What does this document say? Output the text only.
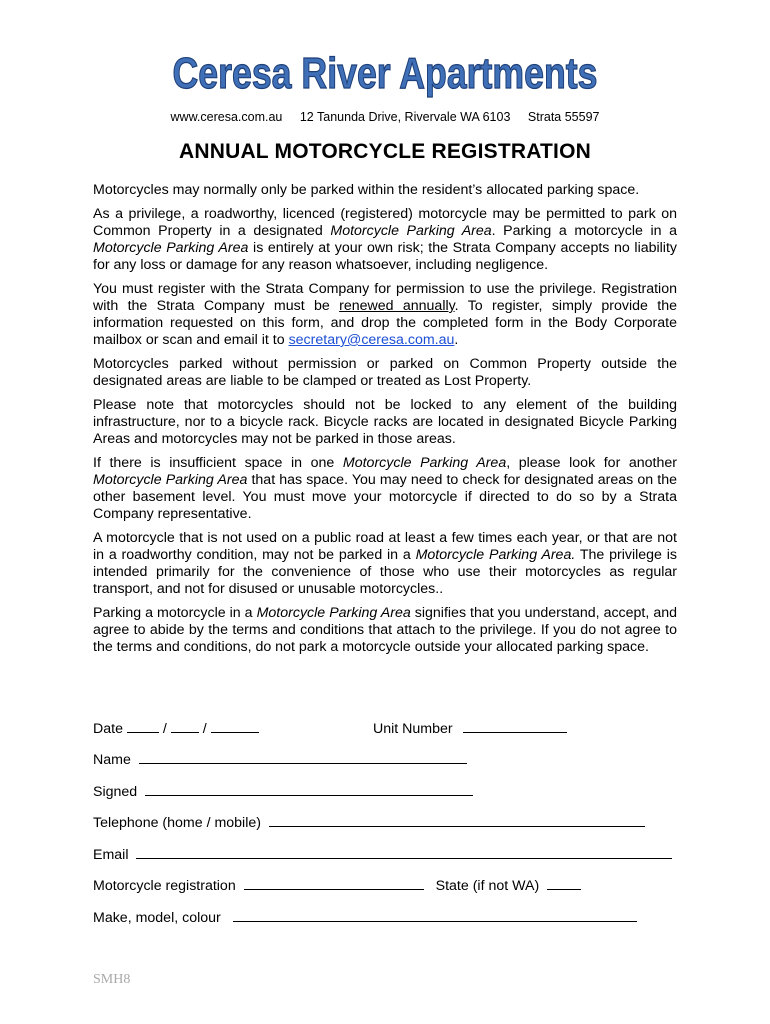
Ceresa River Apartments
www.ceresa.com.au 12 Tanunda Drive, Rivervale WA 6103 Strata 55597
ANNUAL MOTORCYCLE REGISTRATION

Motorcycles may normally only be parked within the resident’s allocated parking space.

As a privilege, a roadworthy, licenced (registered) motorcycle may be permitted to park on Common Property in a designated Motorcycle Parking Area. Parking a motorcycle in a Motorcycle Parking Area is entirely at your own risk; the Strata Company accepts no liability for any loss or damage for any reason whatsoever, including negligence.

You must register with the Strata Company for permission to use the privilege. Registration with the Strata Company must be renewed annually. To register, simply provide the information requested on this form, and drop the completed form in the Body Corporate mailbox or scan and email it to secretary@ceresa.com.au.

Motorcycles parked without permission or parked on Common Property outside the designated areas are liable to be clamped or treated as Lost Property.

Please note that motorcycles should not be locked to any element of the building infrastructure, nor to a bicycle rack. Bicycle racks are located in designated Bicycle Parking Areas and motorcycles may not be parked in those areas.

If there is insufficient space in one Motorcycle Parking Area, please look for another Motorcycle Parking Area that has space. You may need to check for designated areas on the other basement level. You must move your motorcycle if directed to do so by a Strata Company representative.

A motorcycle that is not used on a public road at least a few times each year, or that are not in a roadworthy condition, may not be parked in a Motorcycle Parking Area. The privilege is intended primarily for the convenience of those who use their motorcycles as regular transport, and not for disused or unusable motorcycles..

Parking a motorcycle in a Motorcycle Parking Area signifies that you understand, accept, and agree to abide by the terms and conditions that attach to the privilege. If you do not agree to the terms and conditions, do not park a motorcycle outside your allocated parking space.

Date	/	/	Unit Number
Name
Signed
Telephone (home / mobile)
Email
Motorcycle registration	State (if not WA)
Make, model, colour
SMH8
